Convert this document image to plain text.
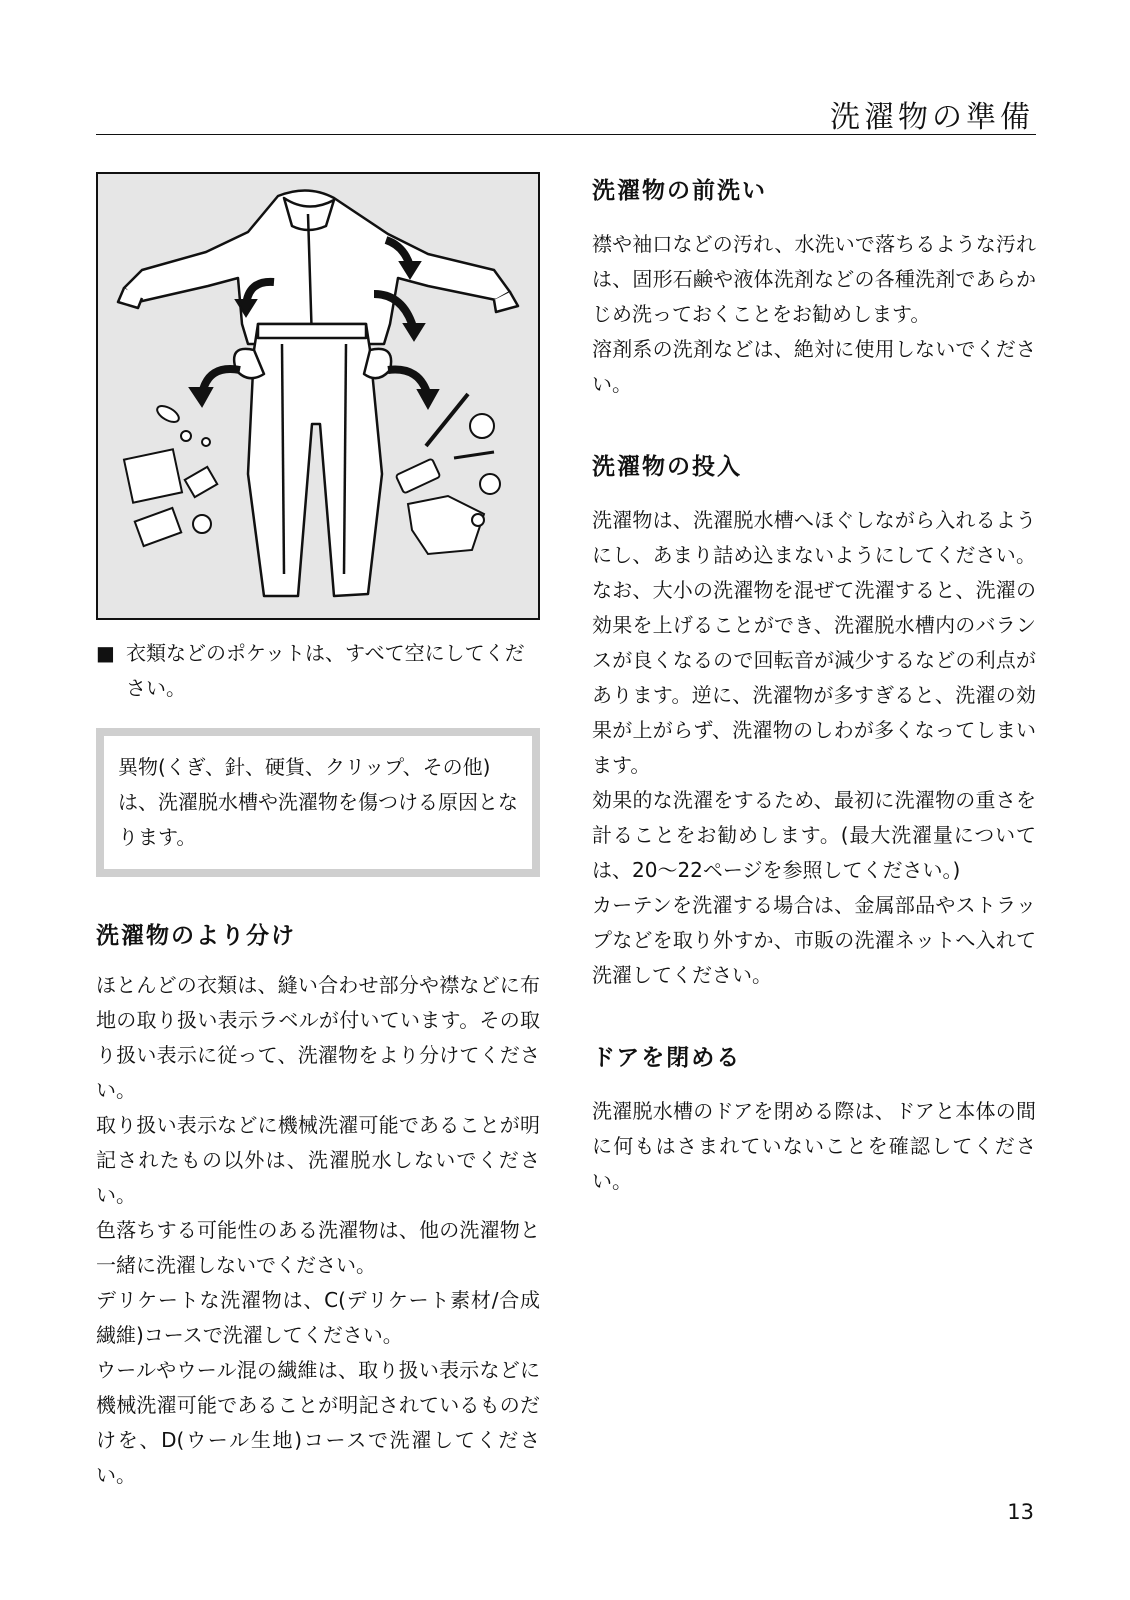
洗濯物の準備
■ 衣類などのポケットは、すべて空にしてください。
異物(くぎ、針、硬貨、クリップ、その他)は、洗濯脱水槽や洗濯物を傷つける原因となります。
洗濯物のより分け

ほとんどの衣類は、縫い合わせ部分や襟などに布地の取り扱い表示ラベルが付いています。その取り扱い表示に従って、洗濯物をより分けてください。

取り扱い表示などに機械洗濯可能であることが明記されたもの以外は、洗濯脱水しないでください。

色落ちする可能性のある洗濯物は、他の洗濯物と一緒に洗濯しないでください。

デリケートな洗濯物は、C(デリケート素材/合成繊維)コースで洗濯してください。

ウールやウール混の繊維は、取り扱い表示などに機械洗濯可能であることが明記されているものだけを、D(ウール生地)コースで洗濯してください。

洗濯物の前洗い

襟や袖口などの汚れ、水洗いで落ちるような汚れは、固形石鹸や液体洗剤などの各種洗剤であらかじめ洗っておくことをお勧めします。

溶剤系の洗剤などは、絶対に使用しないでください。

洗濯物の投入

洗濯物は、洗濯脱水槽へほぐしながら入れるようにし、あまり詰め込まないようにしてください。なお、大小の洗濯物を混ぜて洗濯すると、洗濯の効果を上げることができ、洗濯脱水槽内のバランスが良くなるので回転音が減少するなどの利点があります。逆に、洗濯物が多すぎると、洗濯の効果が上がらず、洗濯物のしわが多くなってしまいます。

効果的な洗濯をするため、最初に洗濯物の重さを計ることをお勧めします。(最大洗濯量については、20～22ページを参照してください。)

カーテンを洗濯する場合は、金属部品やストラップなどを取り外すか、市販の洗濯ネットへ入れて洗濯してください。

ドアを閉める

洗濯脱水槽のドアを閉める際は、ドアと本体の間に何もはさまれていないことを確認してください。

13
